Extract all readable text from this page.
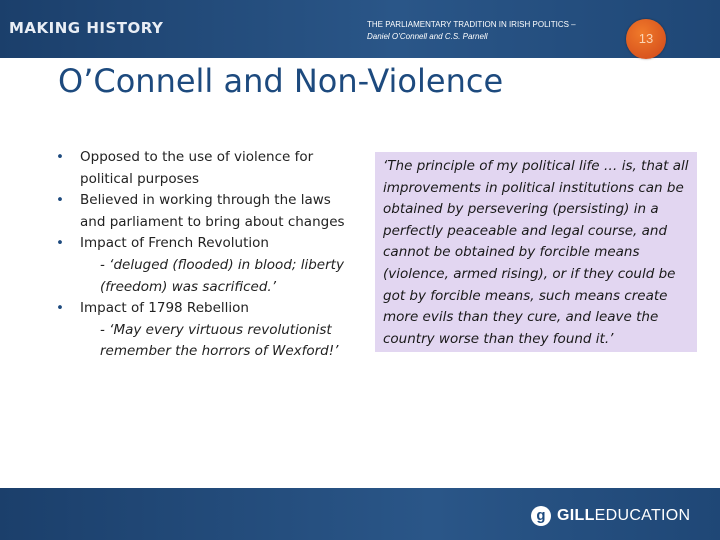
MAKING HISTORY	THE PARLIAMENTARY TRADITION IN IRISH POLITICS –
Daniel O’Connell and C.S. Parnell	13
O’Connell and Non-Violence
• Opposed to the use of violence for political purposes
• Believed in working through the laws and parliament to bring about changes
• Impact of French Revolution
- ‘deluged (flooded) in blood; liberty (freedom) was sacrificed.’
• Impact of 1798 Rebellion
- ‘May every virtuous revolutionist remember the horrors of Wexford!’

‘The principle of my political life … is, that all improvements in political institutions can be obtained by persevering (persisting) in a perfectly peaceable and legal course, and cannot be obtained by forcible means (violence, armed rising), or if they could be got by forcible means, such means create more evils than they cure, and leave the country worse than they found it.’

g GILLEDUCATION
